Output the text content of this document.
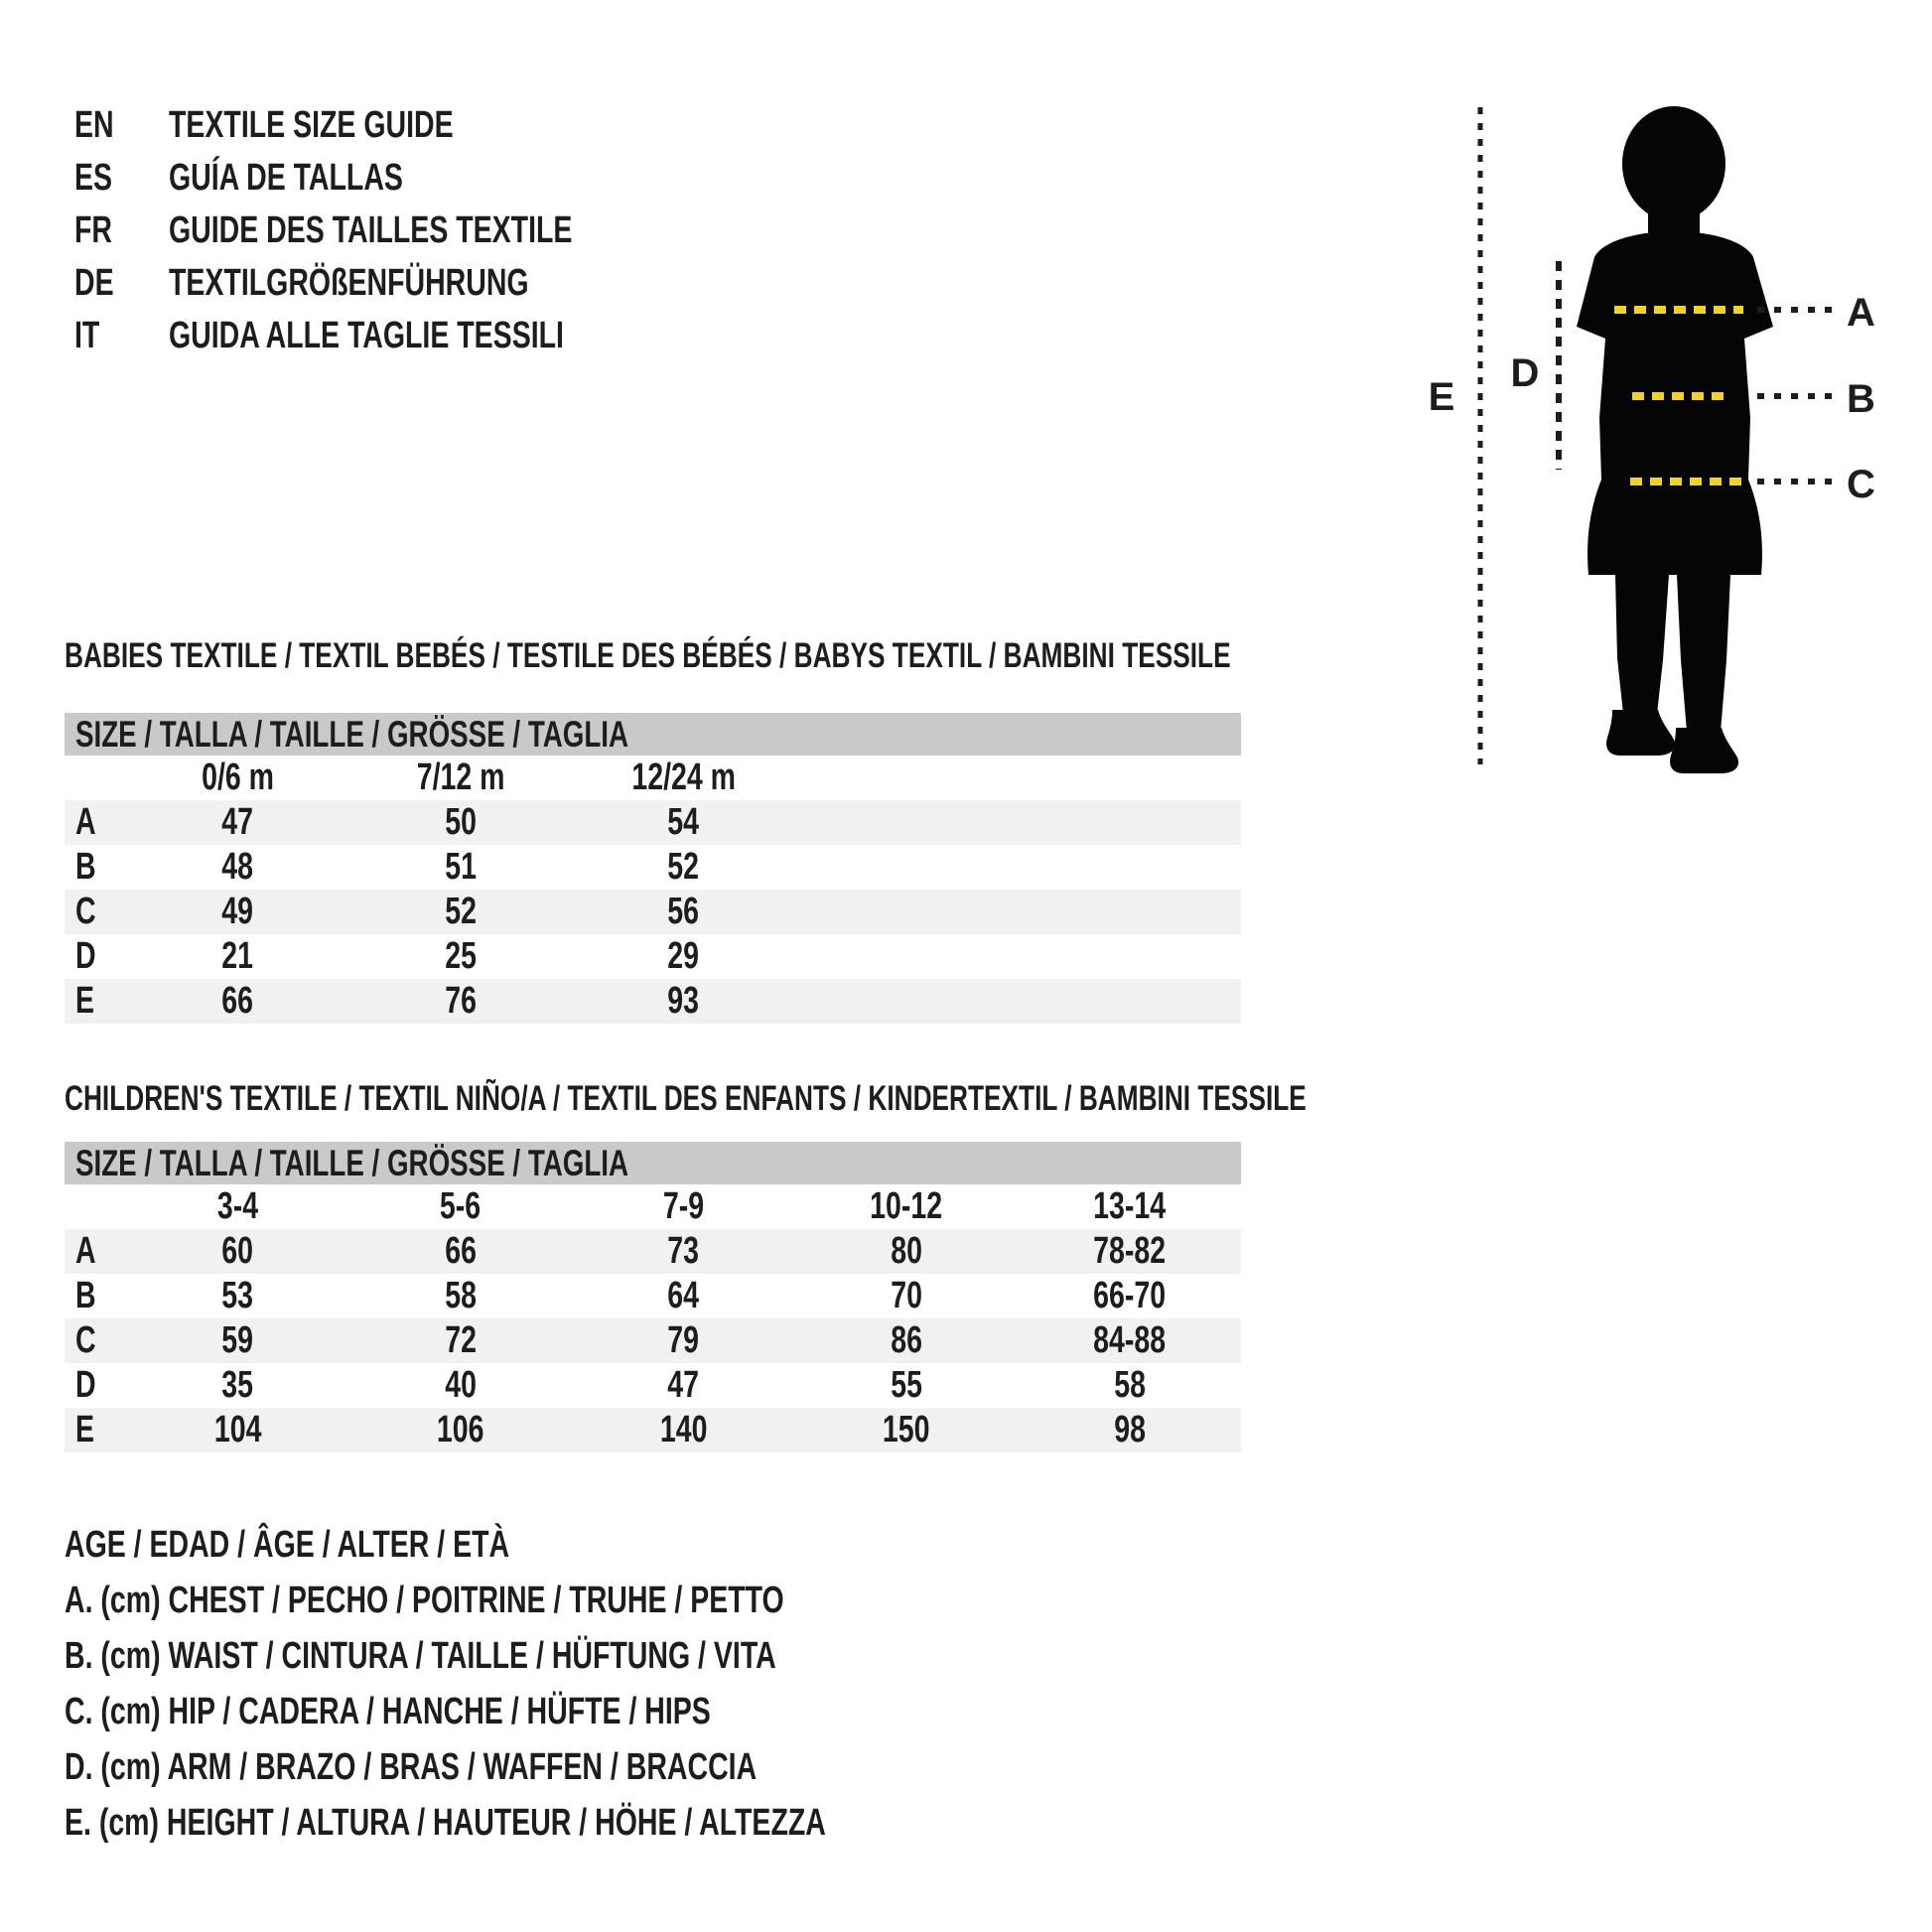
EN	TEXTILE SIZE GUIDE
ES	GUÍA DE TALLAS
FR	GUIDE DES TAILLES TEXTILE
DE	TEXTILGRÖßENFÜHRUNG
IT GUIDA ALLE TAGLIE TESSILI
A
B
C
D
E
BABIES TEXTILE / TEXTIL BEBÉS / TESTILE DES BÉBÉS / BABYS TEXTIL / BAMBINI TESSILE
SIZE / TALLA / TAILLE / GRÖSSE / TAGLIA
0/6 m	7/12 m	12/24 m
A	47	50	54
B	48	51	52
C	49	52	56
D	21	25	29
E	66	76	93
CHILDREN'S TEXTILE / TEXTIL NIÑO/A / TEXTIL DES ENFANTS / KINDERTEXTIL / BAMBINI TESSILE
SIZE / TALLA / TAILLE / GRÖSSE / TAGLIA
3-4	5-6	7-9	10-12	13-14
A	60	66	73	80	78-82
B	53	58	64	70	66-70
C	59	72	79	86	84-88
D	35	40	47	55	58
E	104	106	140	150	98
AGE / EDAD / ÂGE / ALTER / ETÀ
A. (cm) CHEST / PECHO / POITRINE / TRUHE / PETTO
B. (cm) WAIST / CINTURA / TAILLE / HÜFTUNG / VITA
C. (cm) HIP / CADERA / HANCHE / HÜFTE / HIPS
D. (cm) ARM / BRAZO / BRAS / WAFFEN / BRACCIA
E. (cm) HEIGHT / ALTURA / HAUTEUR / HÖHE / ALTEZZA
